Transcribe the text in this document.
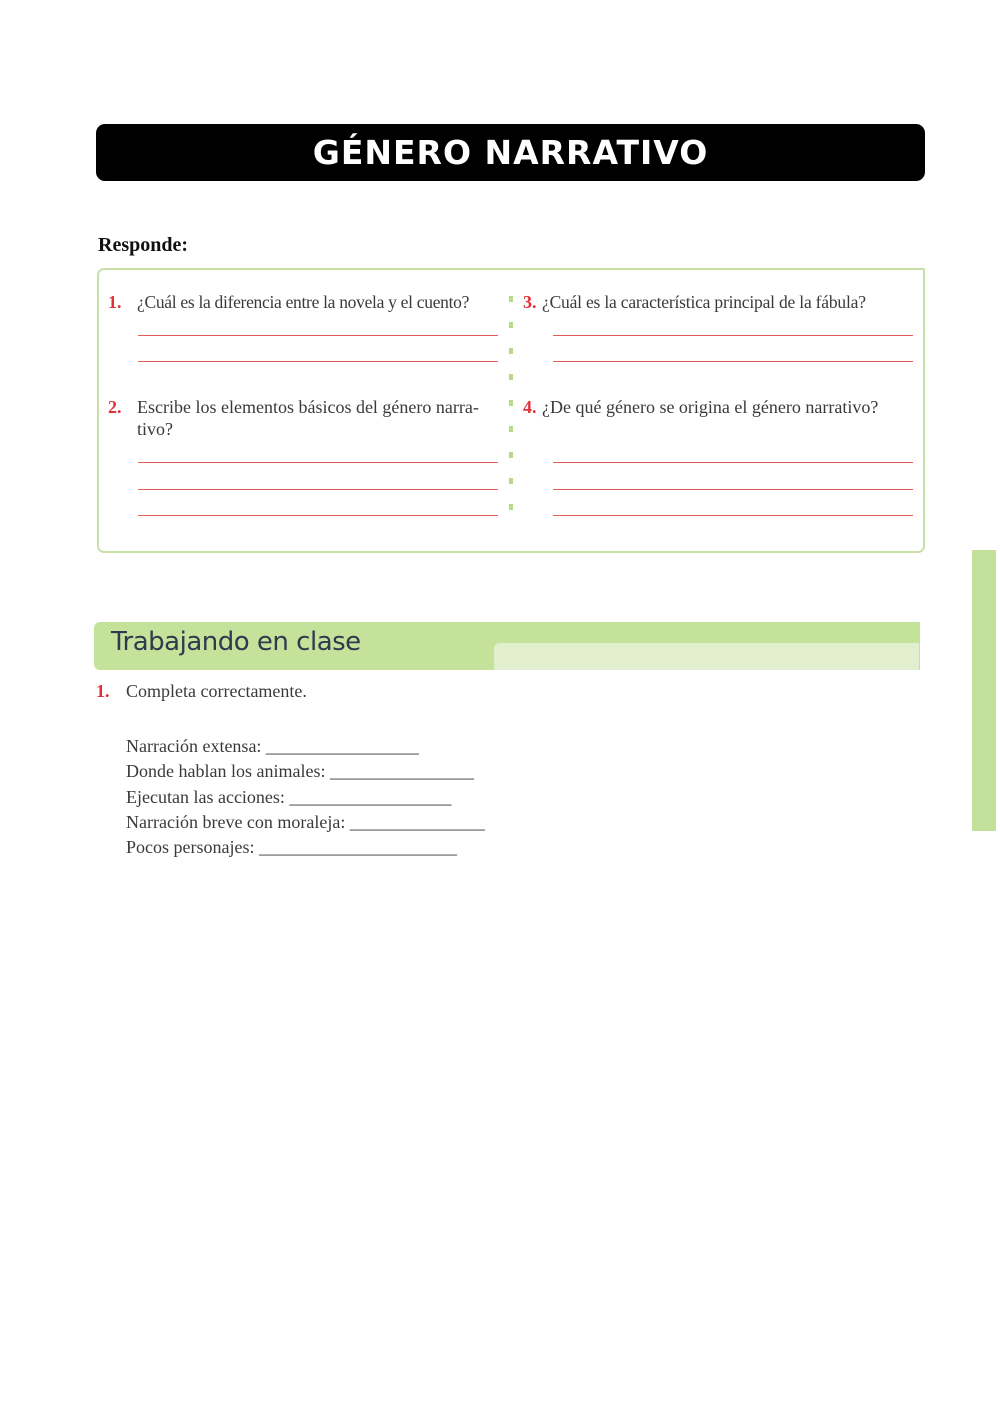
GÉNERO NARRATIVO
Responde:
1. ¿Cuál es la diferencia entre la novela y el cuento?
2. Escribe los elementos básicos del género narra-
tivo?
3. ¿Cuál es la característica principal de la fábula?
4. ¿De qué género se origina el género narrativo?
Trabajando en clase
1. Completa correctamente.
Narración extensa: _________________
Donde hablan los animales: ________________
Ejecutan las acciones: __________________
Narración breve con moraleja: _______________
Pocos personajes: ______________________
